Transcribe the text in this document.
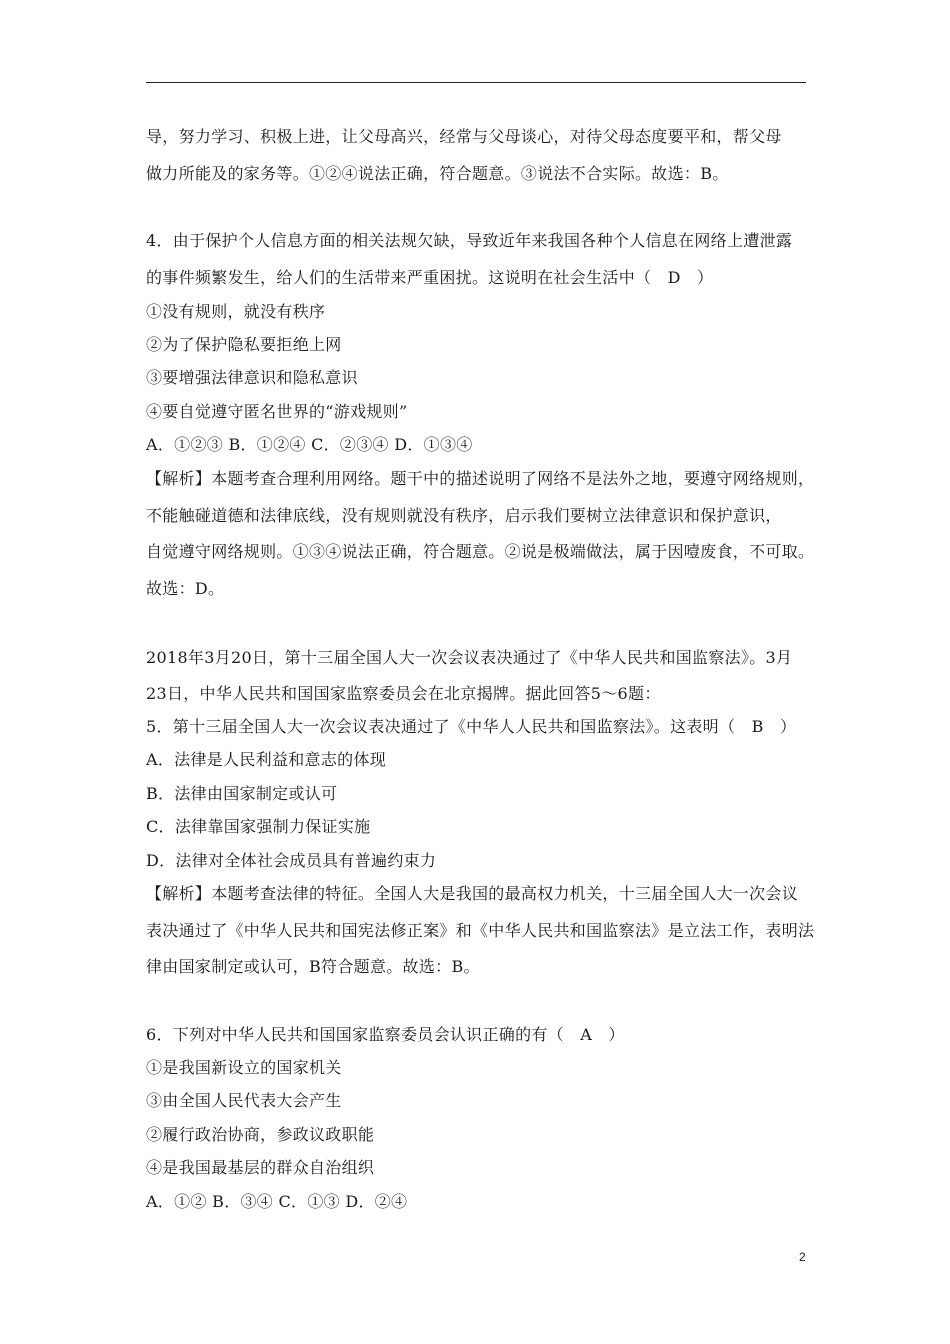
导，努力学习、积极上进，让父母高兴，经常与父母谈心，对待父母态度要平和，帮父母
做力所能及的家务等。①②④说法正确，符合题意。③说法不合实际。故选：B。
4．由于保护个人信息方面的相关法规欠缺，导致近年来我国各种个人信息在网络上遭泄露
的事件频繁发生，给人们的生活带来严重困扰。这说明在社会生活中（　D　）
①没有规则，就没有秩序
②为了保护隐私要拒绝上网
③要增强法律意识和隐私意识
④要自觉遵守匿名世界的“游戏规则”
A．①②③ B．①②④ C．②③④ D．①③④
【解析】本题考查合理利用网络。题干中的描述说明了网络不是法外之地，要遵守网络规则，
不能触碰道德和法律底线，没有规则就没有秩序，启示我们要树立法律意识和保护意识，
自觉遵守网络规则。①③④说法正确，符合题意。②说是极端做法，属于因噎废食，不可取。
故选：D。
2018年3月20日，第十三届全国人大一次会议表决通过了《中华人民共和国监察法》。3月
23日，中华人民共和国国家监察委员会在北京揭牌。据此回答5～6题：
5．第十三届全国人大一次会议表决通过了《中华人人民共和国监察法》。这表明（　B　）
A．法律是人民利益和意志的体现
B．法律由国家制定或认可
C．法律靠国家强制力保证实施
D．法律对全体社会成员具有普遍约束力
【解析】本题考查法律的特征。全国人大是我国的最高权力机关，十三届全国人大一次会议
表决通过了《中华人民共和国宪法修正案》和《中华人民共和国监察法》是立法工作，表明法
律由国家制定或认可，B符合题意。故选：B。
6．下列对中华人民共和国国家监察委员会认识正确的有（　A　）
①是我国新设立的国家机关
③由全国人民代表大会产生
②履行政治协商，参政议政职能
④是我国最基层的群众自治组织
A．①② B．③④ C．①③ D．②④
2
